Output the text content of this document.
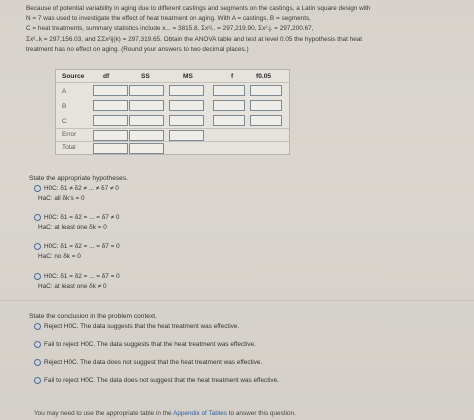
Because of potential variability in aging due to different castings and segments on the castings, a Latin square design with
N = 7 was used to investigate the effect of heat treatment on aging. With A = castings, B = segments,
C = heat treatments, summary statistics include x... = 3815.8, Σx²i.. = 297,219.90, Σx².j. = 297,200.67,
Σx²..k = 297,156.03, and ΣΣx²ij(k) = 297,319.65. Obtain the ANOVA table and test at level 0.05 the hypothesis that heat
treatment has no effect on aging. (Round your answers to two decimal places.)
Source	df	SS	MS	f	f0.05
A
B
C
Error
Total
State the appropriate hypotheses.
H0C: δ1 ≠ δ2 ≠ ... ≠ δ7 ≠ 0
HaC: all δk's = 0
H0C: δ1 = δ2 = ... = δ7 ≠ 0
HaC: at least one δk = 0
H0C: δ1 = δ2 = ... = δ7 = 0
HaC: no δk = 0
H0C: δ1 = δ2 = ... = δ7 = 0
HaC: at least one δk ≠ 0
State the conclusion in the problem context.
Reject H0C. The data suggests that the heat treatment was effective.
Fail to reject H0C. The data suggests that the heat treatment was effective.
Reject H0C. The data does not suggest that the heat treatment was effective.
Fail to reject H0C. The data does not suggest that the heat treatment was effective.
You may need to use the appropriate table in the Appendix of Tables to answer this question.
